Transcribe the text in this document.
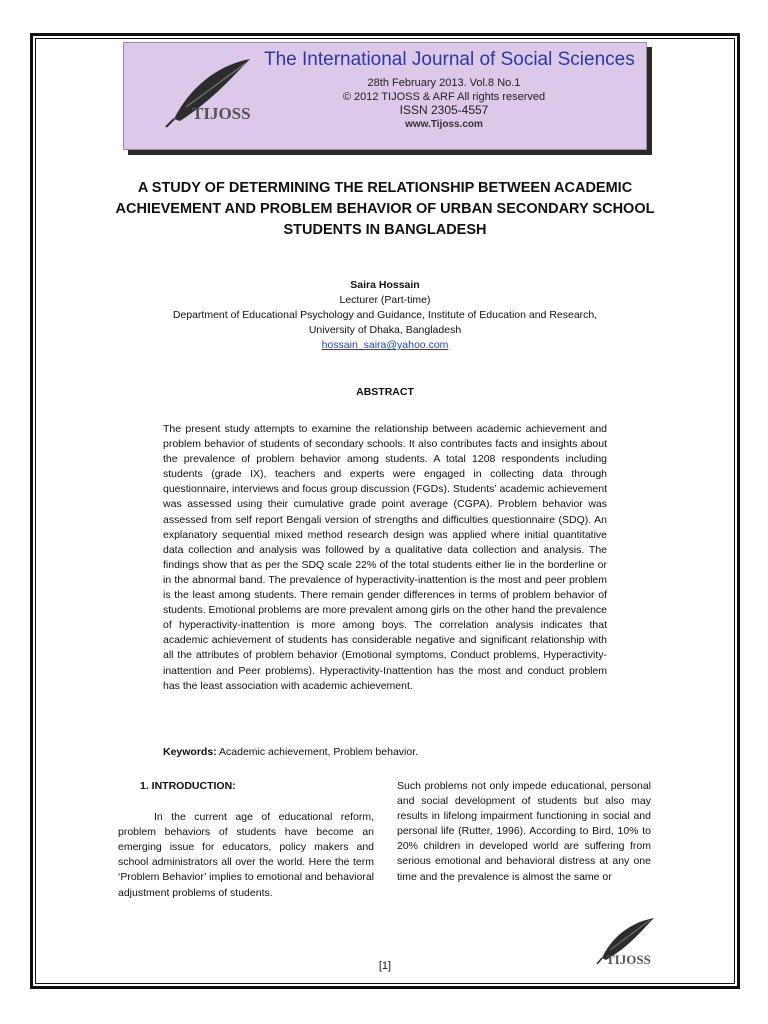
TIJOSS
The International Journal of Social Sciences
28th February 2013. Vol.8 No.1
© 2012 TIJOSS & ARF All rights reserved
ISSN 2305-4557
www.Tijoss.com
A STUDY OF DETERMINING THE RELATIONSHIP BETWEEN ACADEMIC ACHIEVEMENT AND PROBLEM BEHAVIOR OF URBAN SECONDARY SCHOOL STUDENTS IN BANGLADESH
Saira Hossain
Lecturer (Part-time)
Department of Educational Psychology and Guidance, Institute of Education and Research,
University of Dhaka, Bangladesh
hossain_saira@yahoo.com
ABSTRACT
The present study attempts to examine the relationship between academic achievement and problem behavior of students of secondary schools. It also contributes facts and insights about the prevalence of problem behavior among students. A total 1208 respondents including students (grade IX), teachers and experts were engaged in collecting data through questionnaire, interviews and focus group discussion (FGDs). Students’ academic achievement was assessed using their cumulative grade point average (CGPA). Problem behavior was assessed from self report Bengali version of strengths and difficulties questionnaire (SDQ). An explanatory sequential mixed method research design was applied where initial quantitative data collection and analysis was followed by a qualitative data collection and analysis. The findings show that as per the SDQ scale 22% of the total students either lie in the borderline or in the abnormal band. The prevalence of hyperactivity-inattention is the most and peer problem is the least among students. There remain gender differences in terms of problem behavior of students. Emotional problems are more prevalent among girls on the other hand the prevalence of hyperactivity-inattention is more among boys. The correlation analysis indicates that academic achievement of students has considerable negative and significant relationship with all the attributes of problem behavior (Emotional symptoms, Conduct problems, Hyperactivity-inattention and Peer problems). Hyperactivity-Inattention has the most and conduct problem has the least association with academic achievement.
Keywords: Academic achievement, Problem behavior.
1. INTRODUCTION:
In the current age of educational reform, problem behaviors of students have become an emerging issue for educators, policy makers and school administrators all over the world. Here the term ‘Problem Behavior’ implies to emotional and behavioral adjustment problems of students.
Such problems not only impede educational, personal and social development of students but also may results in lifelong impairment functioning in social and personal life (Rutter, 1996). According to Bird, 10% to 20% children in developed world are suffering from serious emotional and behavioral distress at any one time and the prevalence is almost the same or
[1]	TIJOSS
